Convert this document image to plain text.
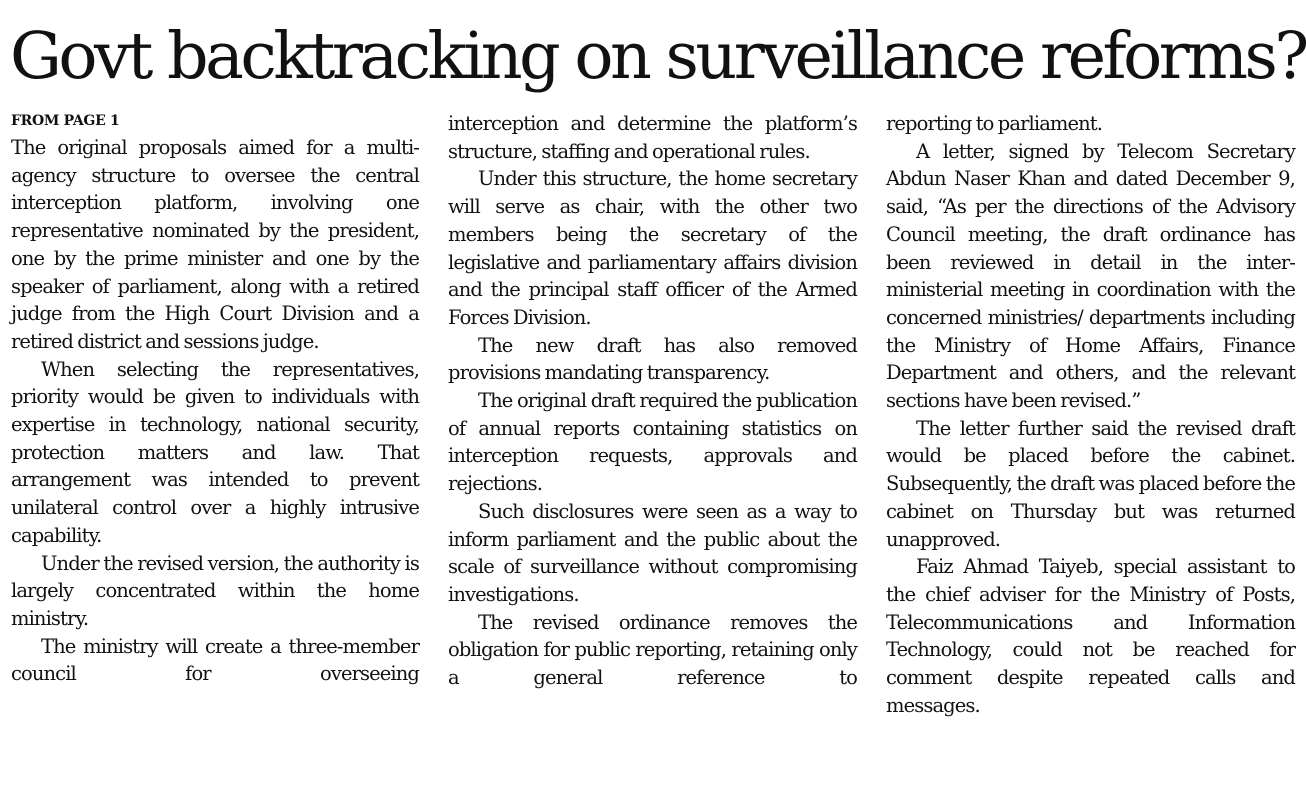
Govt backtracking on surveillance reforms?
FROM PAGE 1

The original proposals aimed for a multi-agency structure to oversee the central interception platform, involving one representative nominated by the president, one by the prime minister and one by the speaker of parliament, along with a retired judge from the High Court Division and a retired district and sessions judge.

When selecting the representatives, priority would be given to individuals with expertise in technology, national security, protection matters and law. That arrangement was intended to prevent unilateral control over a highly intrusive capability.

Under the revised version, the authority is largely concentrated within the home ministry.

The ministry will create a three-member council for overseeing

interception and determine the platform’s structure, staffing and operational rules.

Under this structure, the home secretary will serve as chair, with the other two members being the secretary of the legislative and parliamentary affairs division and the principal staff officer of the Armed Forces Division.

The new draft has also removed provisions mandating transparency.

The original draft required the publication of annual reports containing statistics on interception requests, approvals and rejections.

Such disclosures were seen as a way to inform parliament and the public about the scale of surveillance without compromising investigations.

The revised ordinance removes the obligation for public reporting, retaining only a general reference to

reporting to parliament.

A letter, signed by Telecom Secretary Abdun Naser Khan and dated December 9, said, “As per the directions of the Advisory Council meeting, the draft ordinance has been reviewed in detail in the inter-ministerial meeting in coordination with the concerned ministries/ departments including the Ministry of Home Affairs, Finance Department and others, and the relevant sections have been revised.”

The letter further said the revised draft would be placed before the cabinet. Subsequently, the draft was placed before the cabinet on Thursday but was returned unapproved.

Faiz Ahmad Taiyeb, special assistant to the chief adviser for the Ministry of Posts, Telecommunications and Information Technology, could not be reached for comment despite repeated calls and messages.
